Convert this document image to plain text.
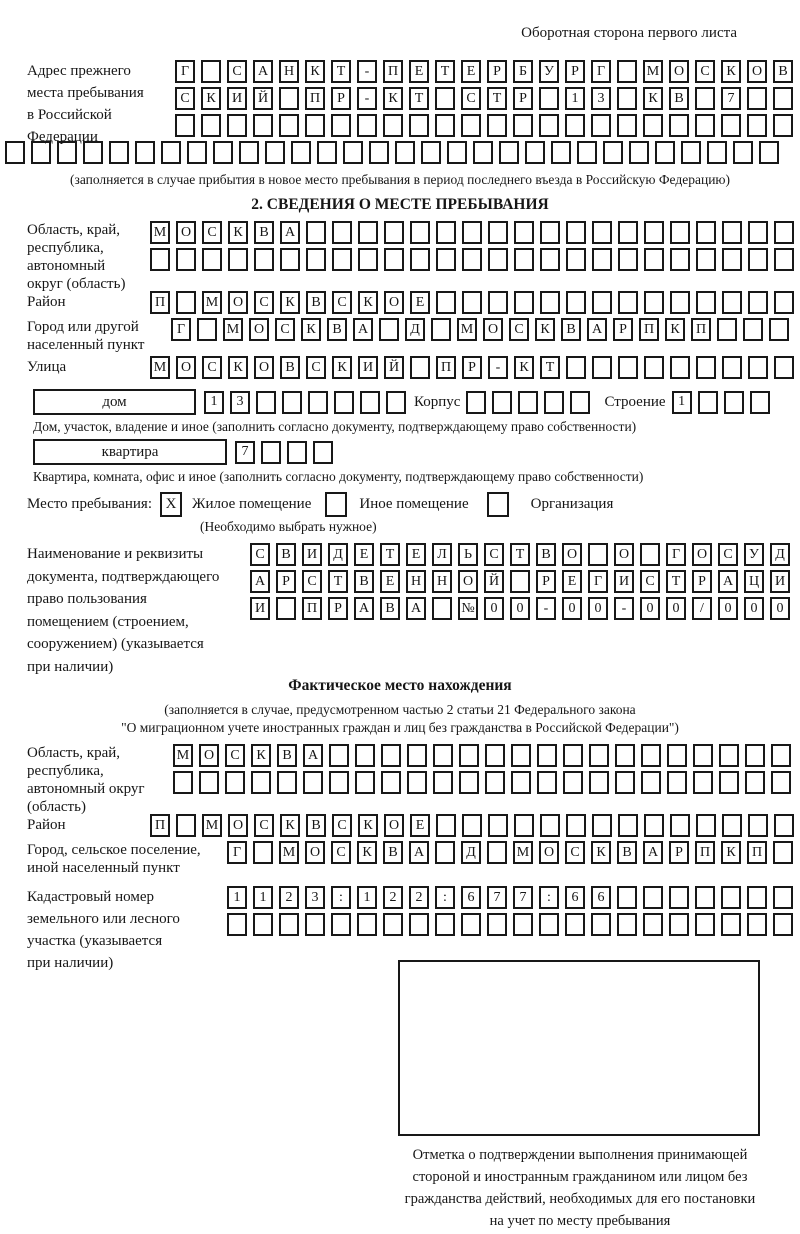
Оборотная сторона первого листа
Адрес прежнего
места пребывания
в Российской
Федерации
Г	С	А	Н	К	Т	-	П	Е	Т	Е	Р	Б	У	Р	Г	М	О	С	К	О	В
С	К	И	Й	П	Р	-	К	Т	С	Т	Р	1	3	К	В	7
(заполняется в случае прибытия в новое место пребывания в период последнего въезда в Российскую Федерацию)
2. СВЕДЕНИЯ О МЕСТЕ ПРЕБЫВАНИЯ
Область, край,
республика,
автономный
округ (область)
М	О	С	К	В	А
Район	П	М	О	С	К	В	С	К	О	Е
Город или другой
населенный пункт
Г	М	О	С	К	В	А	Д	М	О	С	К	В	А	Р	П	К	П
Улица	М	О	С	К	О	В	С	К	И	Й	П	Р	-	К	Т
дом	1	3	Корпус	Строение 1
Дом, участок, владение и иное (заполнить согласно документу, подтверждающему право собственности)
квартира	7
Квартира, комната, офис и иное (заполнить согласно документу, подтверждающему право собственности)
Место пребывания: X	Жилое помещение	Иное помещение	Организация
(Необходимо выбрать нужное)
Наименование и реквизиты
документа, подтверждающего
право пользования
помещением (строением,
сооружением) (указывается
при наличии)
С	В	И	Д	Е	Т	Е	Л	Ь	С	Т	В	О	О	Г	О	С	У	Д
А	Р	С	Т	В	Е	Н	Н	О	Й	Р	Е	Г	И	С	Т	Р	А	Ц	И
И	П	Р	А	В	А	№	0	0	-	0	0	-	0	0	/	0	0	0
Фактическое место нахождения
(заполняется в случае, предусмотренном частью 2 статьи 21 Федерального закона
"О миграционном учете иностранных граждан и лиц без гражданства в Российской Федерации")
Область, край,
республика,
автономный округ
(область)
М	О	С	К	В	А
Район	П	М	О	С	К	В	С	К	О	Е
Город, сельское поселение,
иной населенный пункт
Г	М	О	С	К	В	А	Д	М	О	С	К	В	А	Р	П	К	П
Кадастровый номер
земельного или лесного
участка (указывается
при наличии)
1	1	2	3	:	1	2	2	:	6	7	7	:	6	6
Отметка о подтверждении выполнения принимающей
стороной и иностранным гражданином или лицом без
гражданства действий, необходимых для его постановки
на учет по месту пребывания
